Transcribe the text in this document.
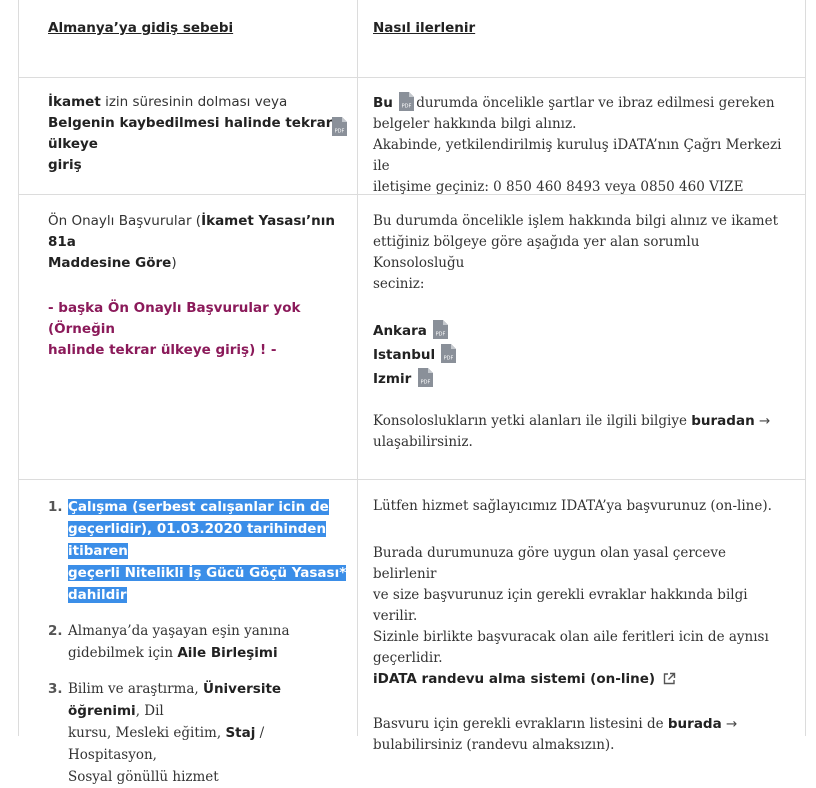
Almanya’ya gidiş sebebi	Nasıl ilerlenir
İkamet izin süresinin dolması veya
Belgenin kaybedilmesi halinde tekrar ülkeye
PDF
giriş
Bu PDF durumda öncelikle şartlar ve ibraz edilmesi gereken
belgeler hakkında bilgi alınız.
Akabinde, yetkilendirilmiş kuruluş iDATA’nın Çağrı Merkezi ile
iletişime geçiniz: 0 850 460 8493 veya 0850 460 VIZE
Ön Onaylı Başvurular (İkamet Yasası’nın 81a
Maddesine Göre)
- başka Ön Onaylı Başvurular yok (Örneğin
halinde tekrar ülkeye giriş) ! -
Bu durumda öncelikle işlem hakkında bilgi alınız ve ikamet
ettiğiniz bölgeye göre aşağıda yer alan sorumlu Konsolosluğu
seciniz:
Ankara PDF
Istanbul PDF
Izmir PDF
Konsoloslukların yetki alanları ile ilgili bilgiye buradan →
ulaşabilirsiniz.
1. Çalışma (serbest calışanlar icin de
geçerlidir), 01.03.2020 tarihinden itibaren
geçerli Nitelikli İş Gücü Göçü Yasası*
dahildir
2. Almanya’da yaşayan eşin yanına
gidebilmek için Aile Birleşimi
3. Bilim ve araştırma, Üniversite öğrenimi, Dil
kursu, Mesleki eğitim, Staj / Hospitasyon,
Sosyal gönüllü hizmet
Lütfen hizmet sağlayıcımız IDATA’ya başvurunuz (on-line).
Burada durumunuza göre uygun olan yasal çerceve belirlenir
ve size başvurunuz için gerekli evraklar hakkında bilgi verilir.
Sizinle birlikte başvuracak olan aile feritleri icin de aynısı
geçerlidir.
iDATA randevu alma sistemi (on-line)
Basvuru için gerekli evrakların listesini de burada →
bulabilirsiniz (randevu almaksızın).
